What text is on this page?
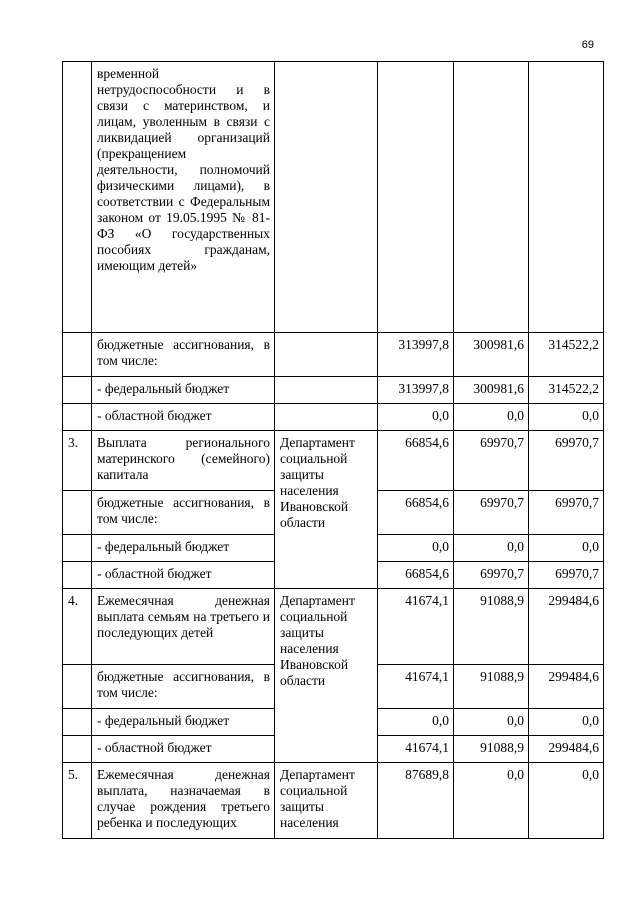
69
	временной нетрудоспособности и в связи с материнством, и лицам, уволенным в связи с ликвидацией организаций (прекращением деятельности, полномочий физическими лицами), в соответствии с Федеральным законом от 19.05.1995 № 81-ФЗ «О государственных пособиях гражданам, имеющим детей»				
	бюджетные ассигнования, в том числе:		313997,8	300981,6	314522,2
	- федеральный бюджет		313997,8	300981,6	314522,2
	- областной бюджет		0,0	0,0	0,0
3.	Выплата регионального материнского (семейного) капитала	Департамент социальной защиты населения Ивановской области	66854,6	69970,7	69970,7
	бюджетные ассигнования, в том числе:		66854,6	69970,7	69970,7
	- федеральный бюджет		0,0	0,0	0,0
	- областной бюджет		66854,6	69970,7	69970,7
4.	Ежемесячная денежная выплата семьям на третьего и последующих детей	Департамент социальной защиты населения Ивановской области	41674,1	91088,9	299484,6
	бюджетные ассигнования, в том числе:		41674,1	91088,9	299484,6
	- федеральный бюджет		0,0	0,0	0,0
	- областной бюджет		41674,1	91088,9	299484,6
5.	Ежемесячная денежная выплата, назначаемая в случае рождения третьего ребенка и последующих	Департамент социальной защиты населения	87689,8	0,0	0,0
